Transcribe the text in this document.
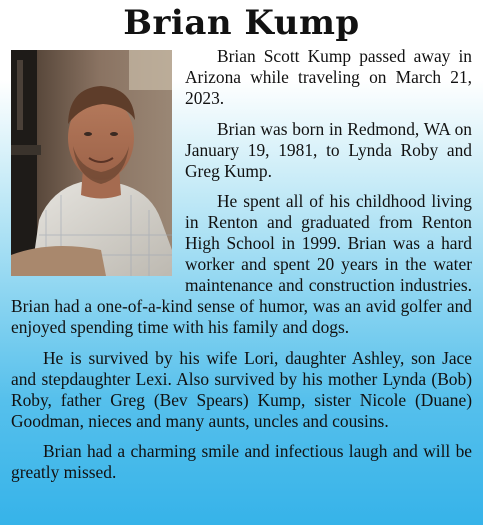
Brian Kump

Brian Scott Kump passed away in Arizona while traveling on March 21, 2023.

Brian was born in Redmond, WA on January 19, 1981, to Lynda Roby and Greg Kump.

He spent all of his childhood living in Renton and graduated from Renton High School in 1999. Brian was a hard worker and spent 20 years in the water maintenance and construction industries. Brian had a one-of-a-kind sense of humor, was an avid golfer and enjoyed spending time with his family and dogs.

He is survived by his wife Lori, daughter Ashley, son Jace and stepdaughter Lexi. Also survived by his mother Lynda (Bob) Roby, father Greg (Bev Spears) Kump, sister Nicole (Duane) Goodman, nieces and many aunts, uncles and cousins.

Brian had a charming smile and infectious laugh and will be greatly missed.
